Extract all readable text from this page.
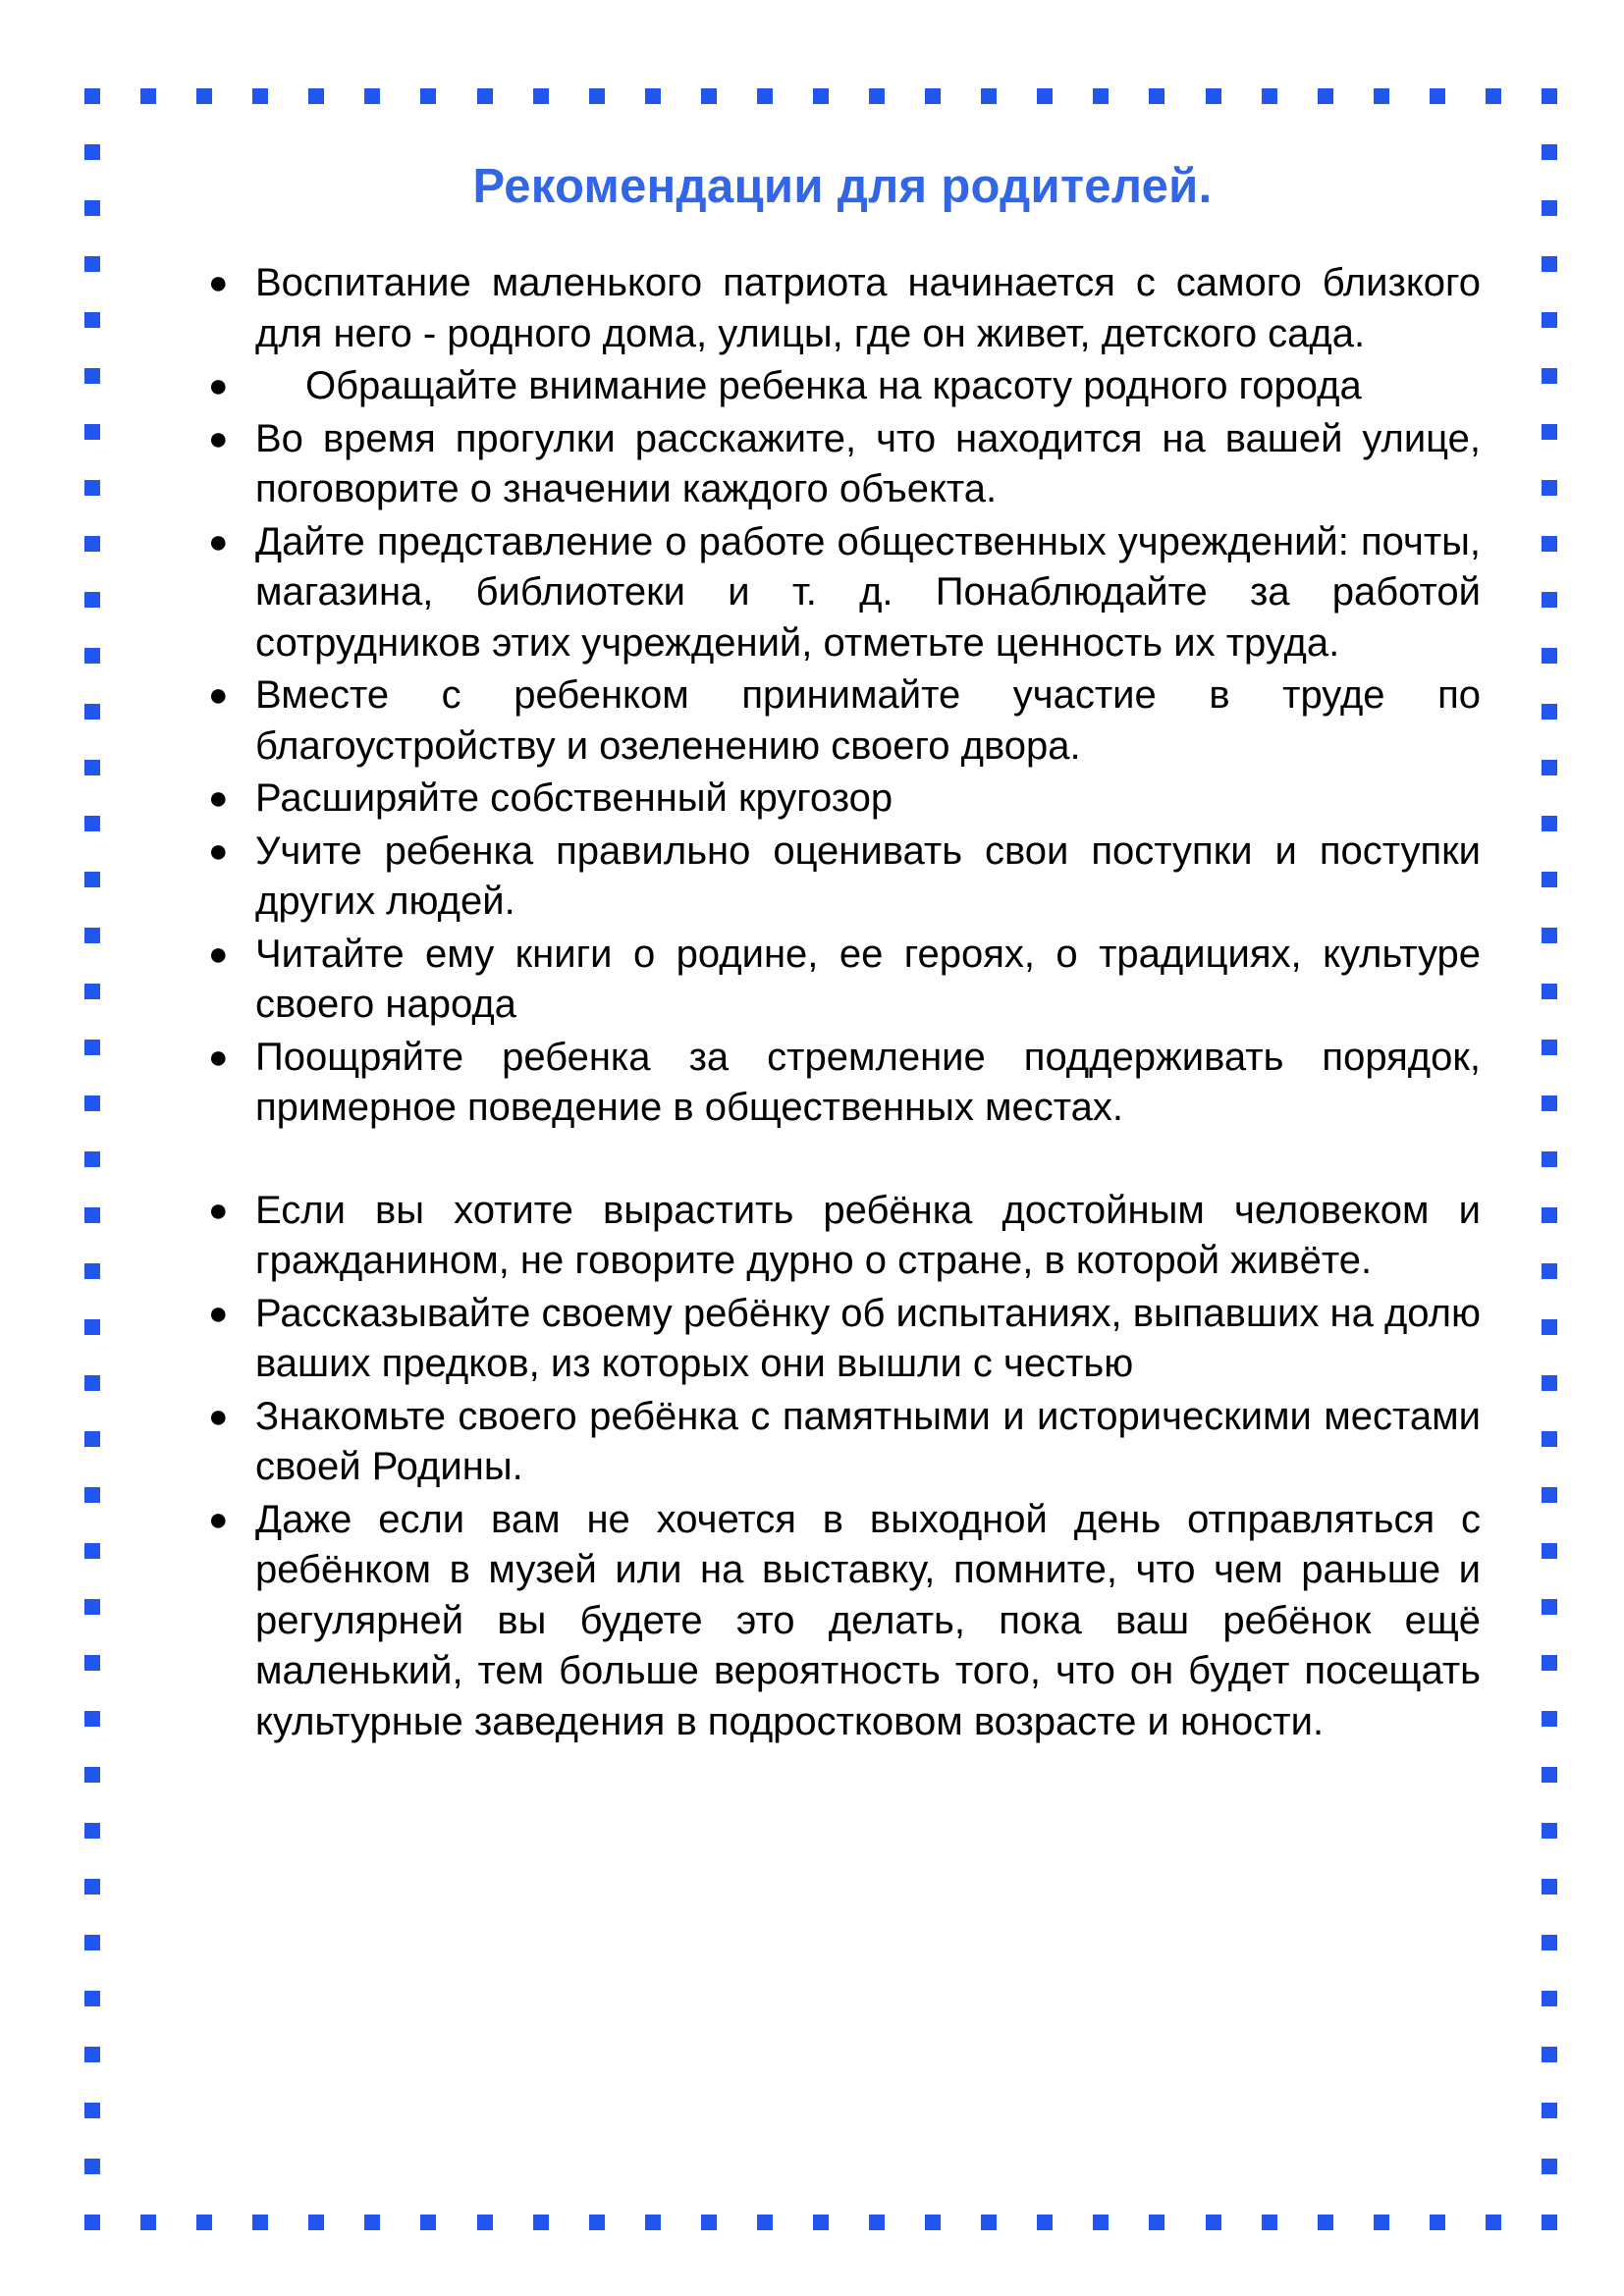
Рекомендации для родителей.
● Воспитание маленького патриота начинается с самого близкого для него - родного дома, улицы, где он живет, детского сада.
● Обращайте внимание ребенка на красоту родного города
● Во время прогулки расскажите, что находится на вашей улице, поговорите о значении каждого объекта.
● Дайте представление о работе общественных учреждений: почты, магазина, библиотеки и т. д. Понаблюдайте за работой сотрудников этих учреждений, отметьте ценность их труда.
● Вместе с ребенком принимайте участие в труде по благоустройству и озеленению своего двора.
● Расширяйте собственный кругозор
● Учите ребенка правильно оценивать свои поступки и поступки других людей.
● Читайте ему книги о родине, ее героях, о традициях, культуре своего народа
● Поощряйте ребенка за стремление поддерживать порядок, примерное поведение в общественных местах.
● Если вы хотите вырастить ребёнка достойным человеком и гражданином, не говорите дурно о стране, в которой живёте.
● Рассказывайте своему ребёнку об испытаниях, выпавших на долю ваших предков, из которых они вышли с честью
● Знакомьте своего ребёнка с памятными и историческими местами своей Родины.
● Даже если вам не хочется в выходной день отправляться с ребёнком в музей или на выставку, помните, что чем раньше и регулярней вы будете это делать, пока ваш ребёнок ещё маленький, тем больше вероятность того, что он будет посещать культурные заведения в подростковом возрасте и юности.
